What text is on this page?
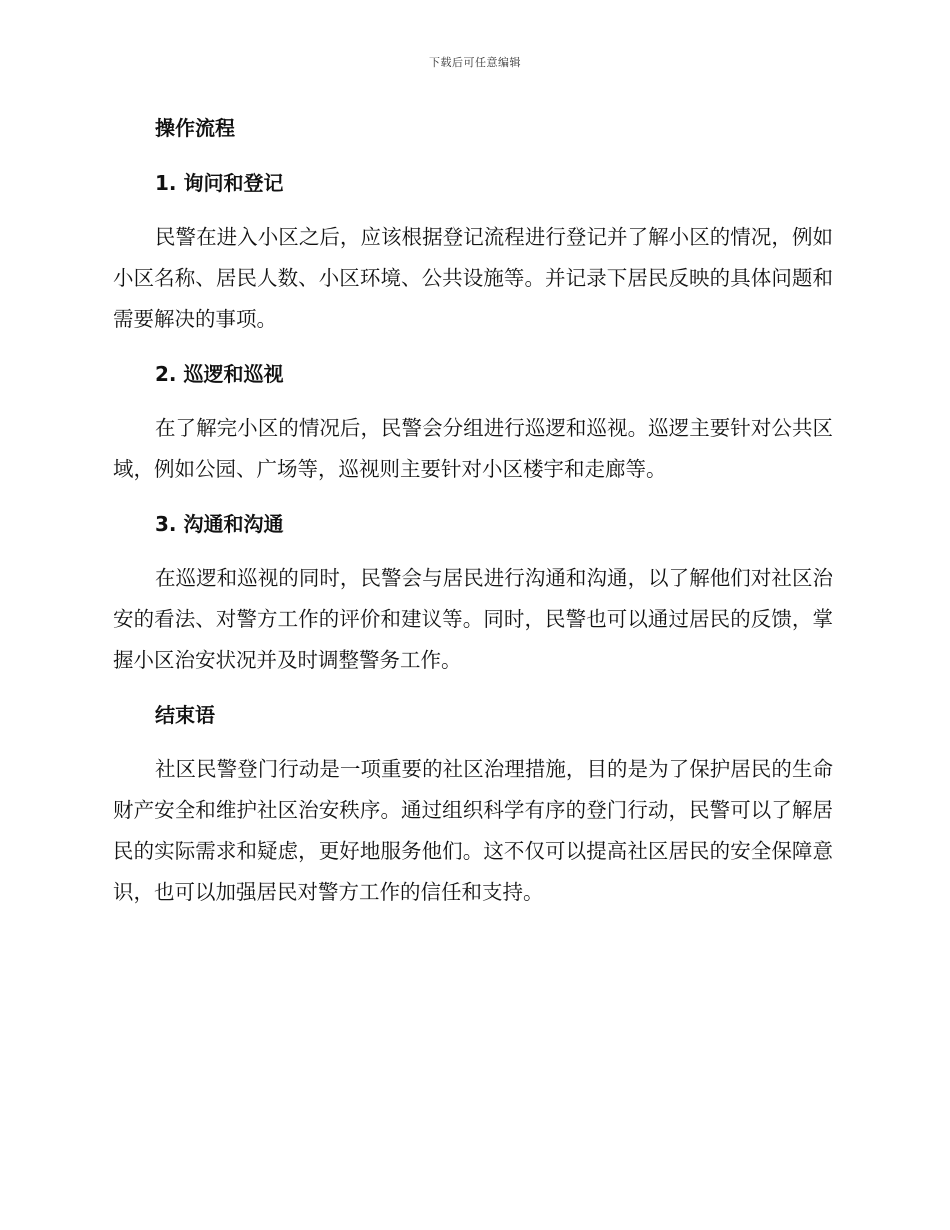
下载后可任意编辑
操作流程
1. 询问和登记

民警在进入小区之后，应该根据登记流程进行登记并了解小区的情况，例如小区名称、居民人数、小区环境、公共设施等。并记录下居民反映的具体问题和需要解决的事项。

2. 巡逻和巡视

在了解完小区的情况后，民警会分组进行巡逻和巡视。巡逻主要针对公共区域，例如公园、广场等，巡视则主要针对小区楼宇和走廊等。

3. 沟通和沟通

在巡逻和巡视的同时，民警会与居民进行沟通和沟通，以了解他们对社区治安的看法、对警方工作的评价和建议等。同时，民警也可以通过居民的反馈，掌握小区治安状况并及时调整警务工作。

结束语

社区民警登门行动是一项重要的社区治理措施，目的是为了保护居民的生命财产安全和维护社区治安秩序。通过组织科学有序的登门行动，民警可以了解居民的实际需求和疑虑，更好地服务他们。这不仅可以提高社区居民的安全保障意识，也可以加强居民对警方工作的信任和支持。
